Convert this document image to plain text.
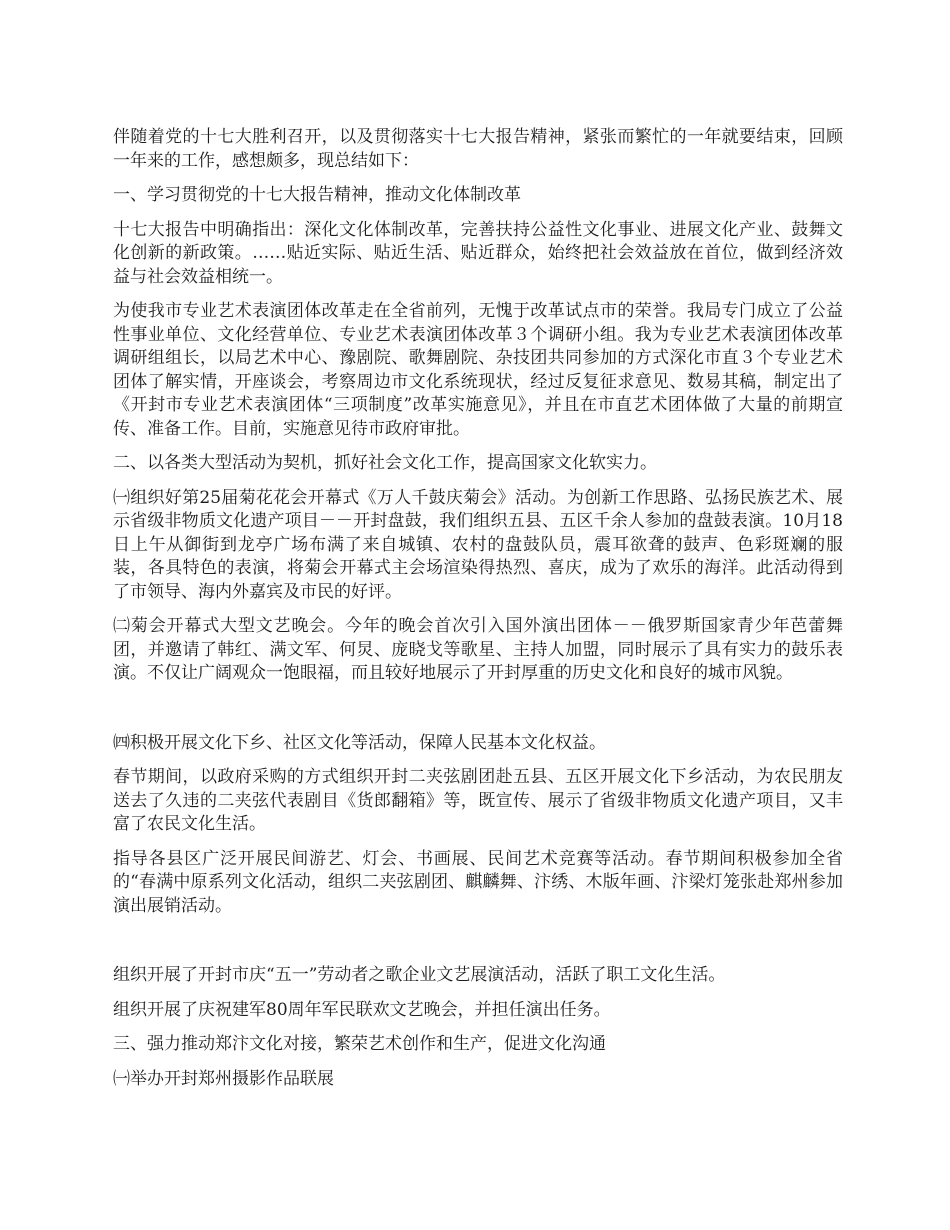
伴随着党的十七大胜利召开，以及贯彻落实十七大报告精神，紧张而繁忙的一年就要结束，回顾一年来的工作，感想颇多，现总结如下：

一、学习贯彻党的十七大报告精神，推动文化体制改革

十七大报告中明确指出：深化文化体制改革，完善扶持公益性文化事业、进展文化产业、鼓舞文化创新的新政策。……贴近实际、贴近生活、贴近群众，始终把社会效益放在首位，做到经济效益与社会效益相统一。

为使我市专业艺术表演团体改革走在全省前列，无愧于改革试点市的荣誉。我局专门成立了公益性事业单位、文化经营单位、专业艺术表演团体改革３个调研小组。我为专业艺术表演团体改革调研组组长，以局艺术中心、豫剧院、歌舞剧院、杂技团共同参加的方式深化市直３个专业艺术团体了解实情，开座谈会，考察周边市文化系统现状，经过反复征求意见、数易其稿，制定出了《开封市专业艺术表演团体“三项制度”改革实施意见》，并且在市直艺术团体做了大量的前期宣传、准备工作。目前，实施意见待市政府审批。

二、以各类大型活动为契机，抓好社会文化工作，提高国家文化软实力。

㈠组织好第25届菊花花会开幕式《万人千鼓庆菊会》活动。为创新工作思路、弘扬民族艺术、展示省级非物质文化遗产项目－－开封盘鼓，我们组织五县、五区千余人参加的盘鼓表演。10月18日上午从御街到龙亭广场布满了来自城镇、农村的盘鼓队员，震耳欲聋的鼓声、色彩斑斓的服装，各具特色的表演，将菊会开幕式主会场渲染得热烈、喜庆，成为了欢乐的海洋。此活动得到了市领导、海内外嘉宾及市民的好评。

㈡菊会开幕式大型文艺晚会。今年的晚会首次引入国外演出团体－－俄罗斯国家青少年芭蕾舞团，并邀请了韩红、满文军、何炅、庞晓戈等歌星、主持人加盟，同时展示了具有实力的鼓乐表演。不仅让广阔观众一饱眼福，而且较好地展示了开封厚重的历史文化和良好的城市风貌。

㈣积极开展文化下乡、社区文化等活动，保障人民基本文化权益。

春节期间，以政府采购的方式组织开封二夹弦剧团赴五县、五区开展文化下乡活动，为农民朋友送去了久违的二夹弦代表剧目《货郎翻箱》等，既宣传、展示了省级非物质文化遗产项目，又丰富了农民文化生活。

指导各县区广泛开展民间游艺、灯会、书画展、民间艺术竞赛等活动。春节期间积极参加全省的“春满中原系列文化活动，组织二夹弦剧团、麒麟舞、汴绣、木版年画、汴梁灯笼张赴郑州参加演出展销活动。

组织开展了开封市庆“五一”劳动者之歌企业文艺展演活动，活跃了职工文化生活。

组织开展了庆祝建军80周年军民联欢文艺晚会，并担任演出任务。

三、强力推动郑汴文化对接，繁荣艺术创作和生产，促进文化沟通

㈠举办开封郑州摄影作品联展
